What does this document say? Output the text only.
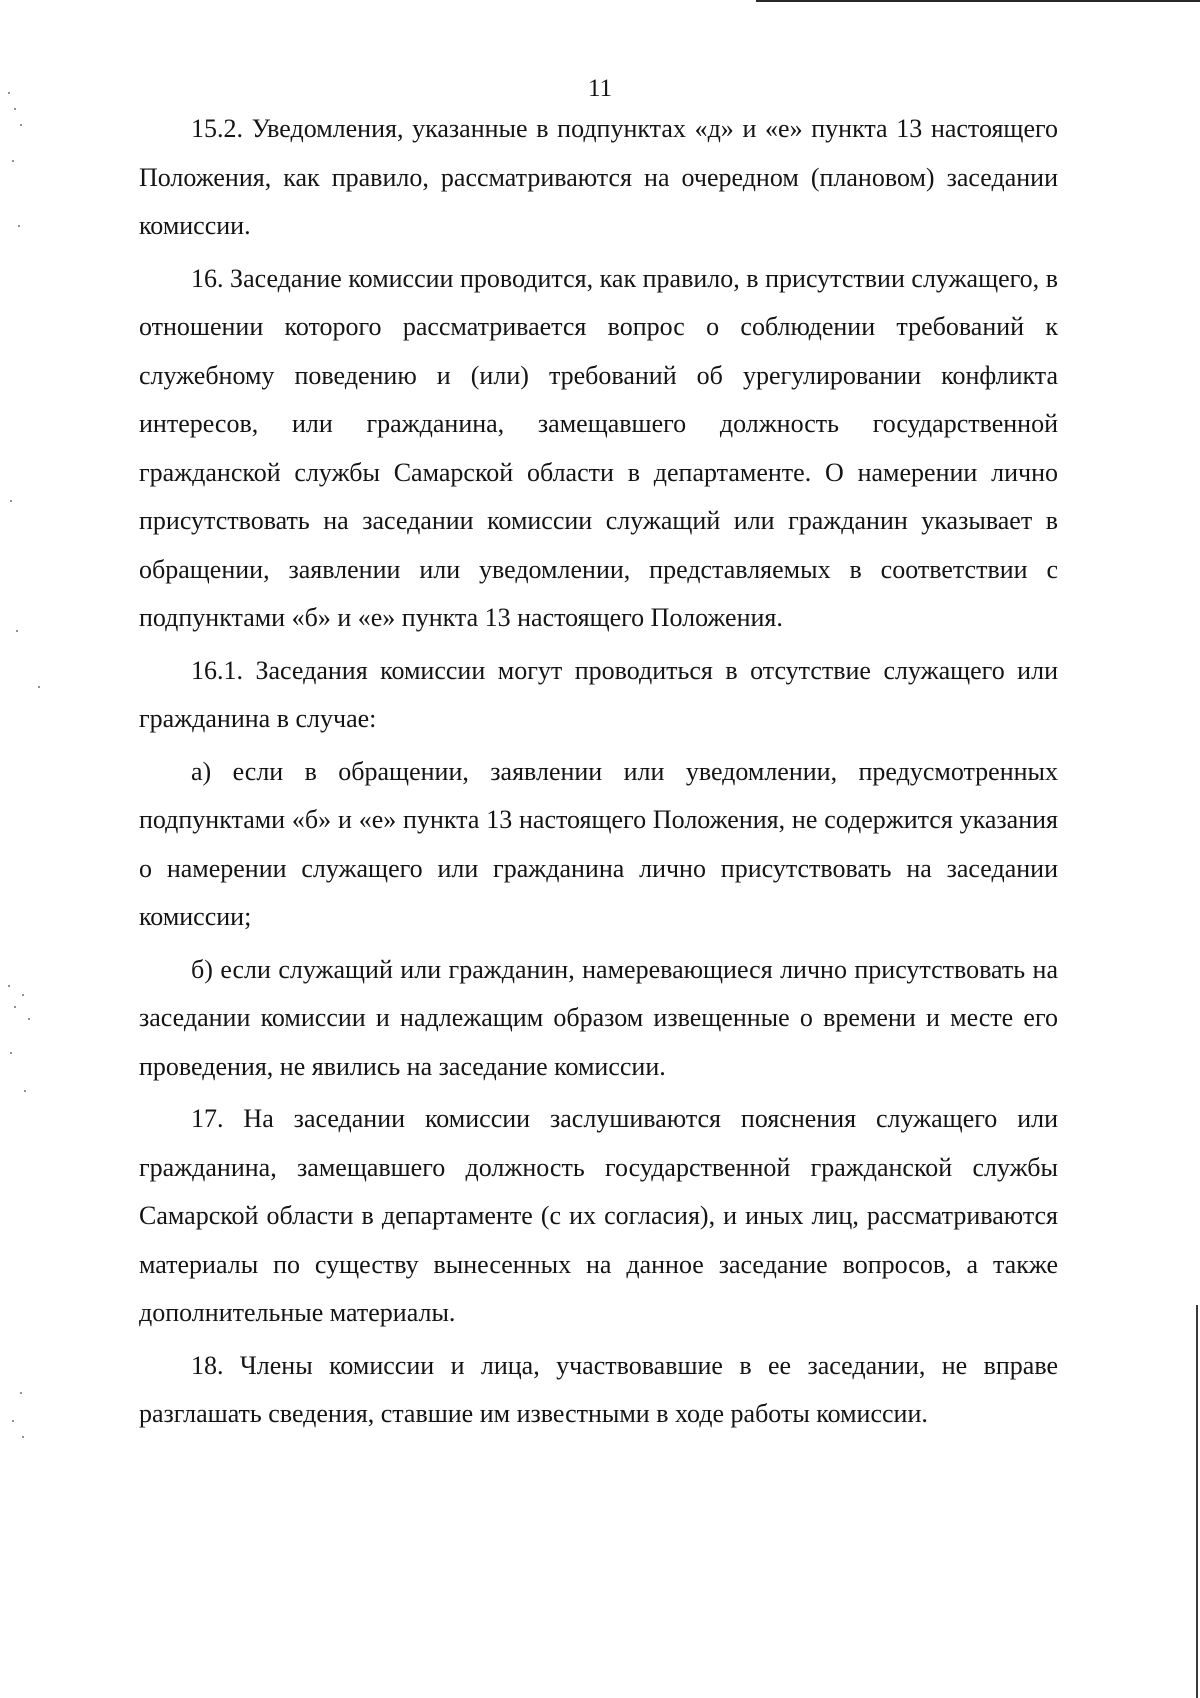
11

15.2. Уведомления, указанные в подпунктах «д» и «е» пункта 13 настоящего Положения, как правило, рассматриваются на очередном (плановом) заседании комиссии.

16. Заседание комиссии проводится, как правило, в присутствии служащего, в отношении которого рассматривается вопрос о соблюдении требований к служебному поведению и (или) требований об урегулировании конфликта интересов, или гражданина, замещавшего должность государственной гражданской службы Самарской области в департаменте. О намерении лично присутствовать на заседании комиссии служащий или гражданин указывает в обращении, заявлении или уведомлении, представляемых в соответствии с подпунктами «б» и «е» пункта 13 настоящего Положения.

16.1. Заседания комиссии могут проводиться в отсутствие служащего или гражданина в случае:

а) если в обращении, заявлении или уведомлении, предусмотренных подпунктами «б» и «е» пункта 13 настоящего Положения, не содержится указания о намерении служащего или гражданина лично присутствовать на заседании комиссии;

б) если служащий или гражданин, намеревающиеся лично присутствовать на заседании комиссии и надлежащим образом извещенные о времени и месте его проведения, не явились на заседание комиссии.

17. На заседании комиссии заслушиваются пояснения служащего или гражданина, замещавшего должность государственной гражданской службы Самарской области в департаменте (с их согласия), и иных лиц, рассматриваются материалы по существу вынесенных на данное заседание вопросов, а также дополнительные материалы.

18. Члены комиссии и лица, участвовавшие в ее заседании, не вправе разглашать сведения, ставшие им известными в ходе работы комиссии.
